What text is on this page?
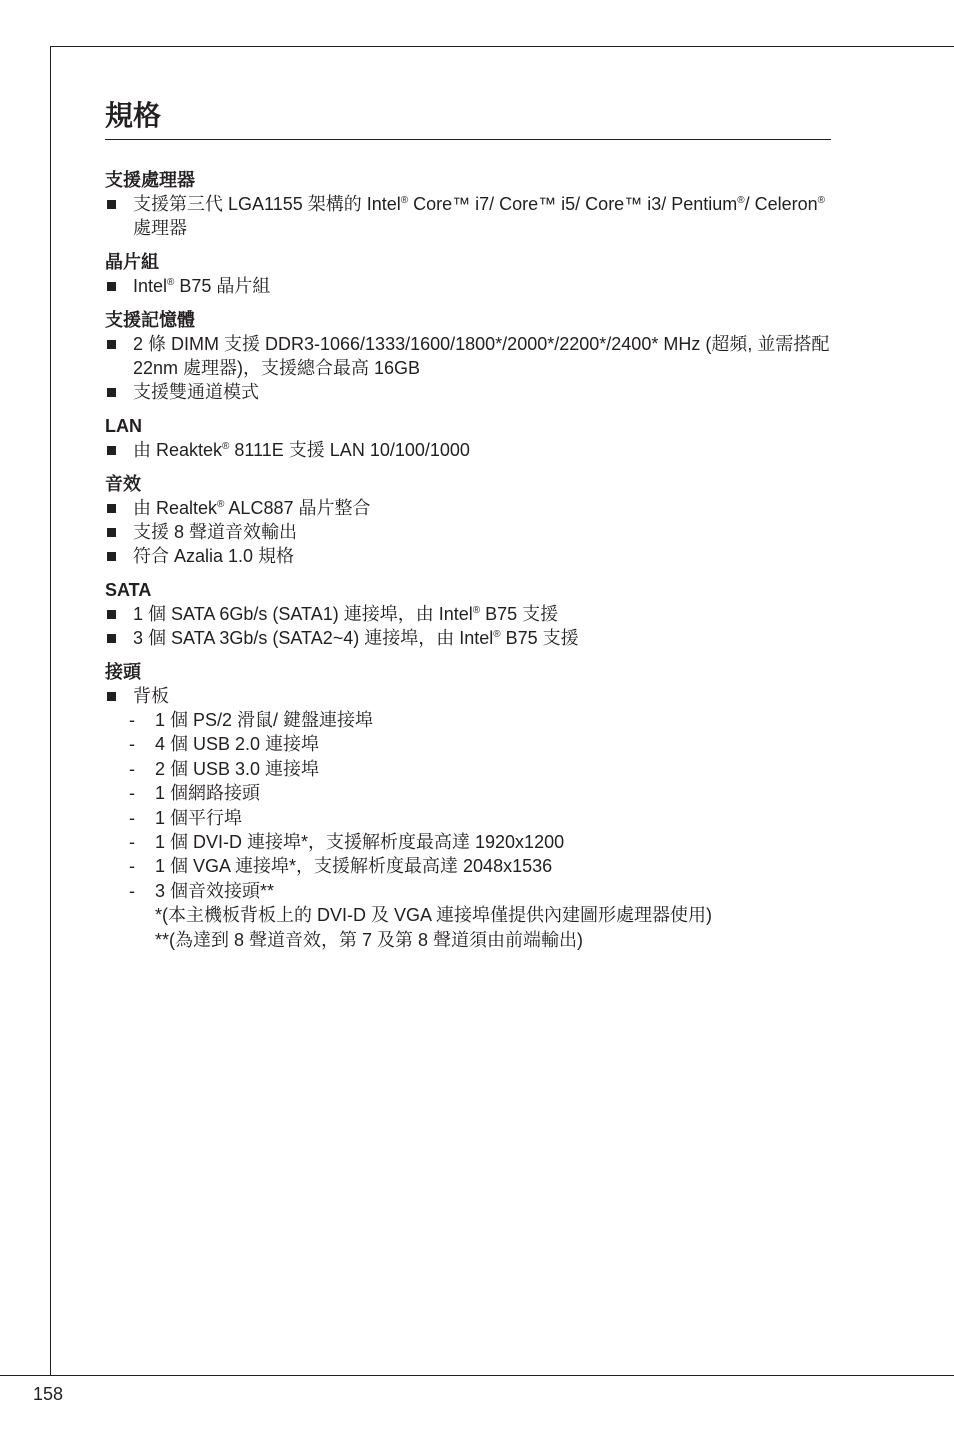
規格
支援處理器
支援第三代 LGA1155 架構的 Intel® Core™ i7/ Core™ i5/ Core™ i3/ Pentium®/ Celeron® 處理器
晶片組
Intel® B75 晶片組
支援記憶體
2 條 DIMM 支援 DDR3-1066/1333/1600/1800*/2000*/2200*/2400* MHz (超頻, 並需搭配 22nm 處理器)，支援總合最高 16GB
支援雙通道模式
LAN
由 Reaktek® 8111E 支援 LAN 10/100/1000
音效
由 Realtek® ALC887 晶片整合
支援 8 聲道音效輸出
符合 Azalia 1.0 規格
SATA
1 個 SATA 6Gb/s (SATA1) 連接埠，由 Intel® B75 支援
3 個 SATA 3Gb/s (SATA2~4) 連接埠，由 Intel® B75 支援
接頭
背板
- 1 個 PS/2 滑鼠/ 鍵盤連接埠
- 4 個 USB 2.0 連接埠
- 2 個 USB 3.0 連接埠
- 1 個網路接頭
- 1 個平行埠
- 1 個 DVI-D 連接埠*，支援解析度最高達 1920x1200
- 1 個 VGA 連接埠*，支援解析度最高達 2048x1536
- 3 個音效接頭**
*(本主機板背板上的 DVI-D 及 VGA 連接埠僅提供內建圖形處理器使用)
**(為達到 8 聲道音效，第 7 及第 8 聲道須由前端輸出)
158
